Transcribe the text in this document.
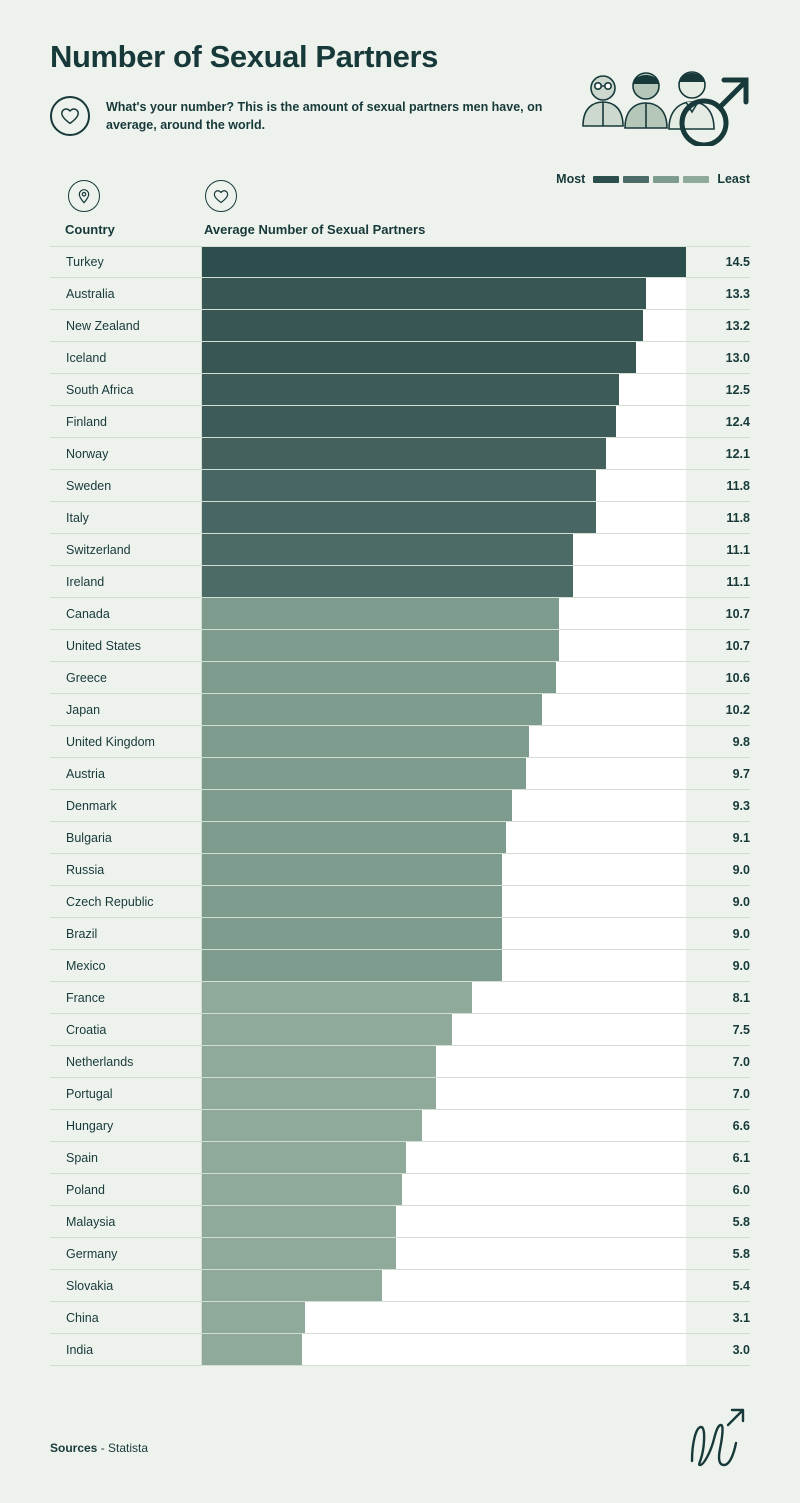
Number of Sexual Partners
What's your number? This is the amount of sexual partners men have, on average, around the world.
Most	Least
Country	Average Number of Sexual Partners
Turkey	14.5
Australia	13.3
New Zealand	13.2
Iceland	13.0
South Africa	12.5
Finland	12.4
Norway	12.1
Sweden	11.8
Italy	11.8
Switzerland	11.1
Ireland	11.1
Canada	10.7
United States	10.7
Greece	10.6
Japan	10.2
United Kingdom	9.8
Austria	9.7
Denmark	9.3
Bulgaria	9.1
Russia	9.0
Czech Republic	9.0
Brazil	9.0
Mexico	9.0
France	8.1
Croatia	7.5
Netherlands	7.0
Portugal	7.0
Hungary	6.6
Spain	6.1
Poland	6.0
Malaysia	5.8
Germany	5.8
Slovakia	5.4
China	3.1
India	3.0
Sources - Statista
